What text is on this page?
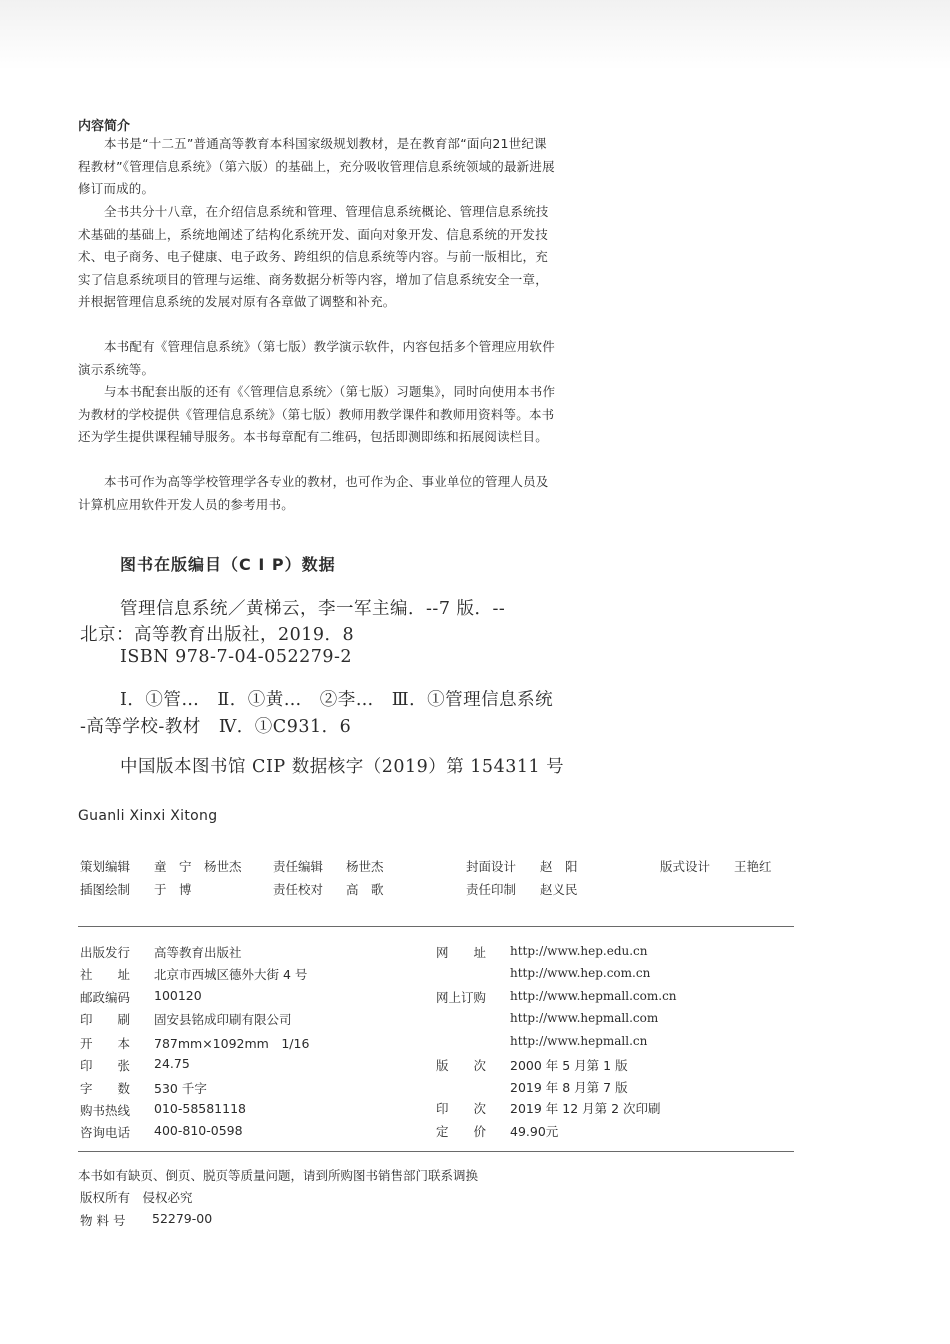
内容简介
本书是“十二五”普通高等教育本科国家级规划教材，是在教育部“面向21世纪课程教材”《管理信息系统》（第六版）的基础上，充分吸收管理信息系统领域的最新进展修订而成的。
全书共分十八章，在介绍信息系统和管理、管理信息系统概论、管理信息系统技术基础的基础上，系统地阐述了结构化系统开发、面向对象开发、信息系统的开发技术、电子商务、电子健康、电子政务、跨组织的信息系统等内容。与前一版相比，充实了信息系统项目的管理与运维、商务数据分析等内容，增加了信息系统安全一章，并根据管理信息系统的发展对原有各章做了调整和补充。
本书配有《管理信息系统》（第七版）教学演示软件，内容包括多个管理应用软件演示系统等。
与本书配套出版的还有《〈管理信息系统〉（第七版）习题集》，同时向使用本书作为教材的学校提供《管理信息系统》（第七版）教师用教学课件和教师用资料等。本书还为学生提供课程辅导服务。本书每章配有二维码，包括即测即练和拓展阅读栏目。
本书可作为高等学校管理学各专业的教材，也可作为企、事业单位的管理人员及计算机应用软件开发人员的参考用书。
图书在版编目（C I P）数据
管理信息系统／黄梯云，李一军主编．--7 版．--
北京：高等教育出版社，2019．8
ISBN 978-7-04-052279-2
Ⅰ．①管…　Ⅱ．①黄…　②李…　Ⅲ．①管理信息系统
-高等学校-教材　Ⅳ．①C931．6
中国版本图书馆 CIP 数据核字（2019）第 154311 号
Guanli Xinxi Xitong
策划编辑 童　宁　杨世杰	责任编辑 杨世杰	封面设计 赵　阳	版式设计 王艳红
插图绘制 于　博	责任校对 高　歌	责任印制 赵义民
出版发行 高等教育出版社
社　　址 北京市西城区德外大街 4 号
邮政编码 100120
印　　刷 固安县铭成印刷有限公司
开　　本 787mm×1092mm　1/16
印　　张 24.75
字　　数 530 千字
购书热线 010-58581118
咨询电话 400-810-0598
网　　址 http://www.hep.edu.cn
http://www.hep.com.cn
网上订购 http://www.hepmall.com.cn
http://www.hepmall.com
http://www.hepmall.cn
版　　次 2000 年 5 月第 1 版
2019 年 8 月第 7 版
印　　次 2019 年 12 月第 2 次印刷
定　　价 49.90元
本书如有缺页、倒页、脱页等质量问题，请到所购图书销售部门联系调换
版权所有　侵权必究
物 料 号 52279-00
